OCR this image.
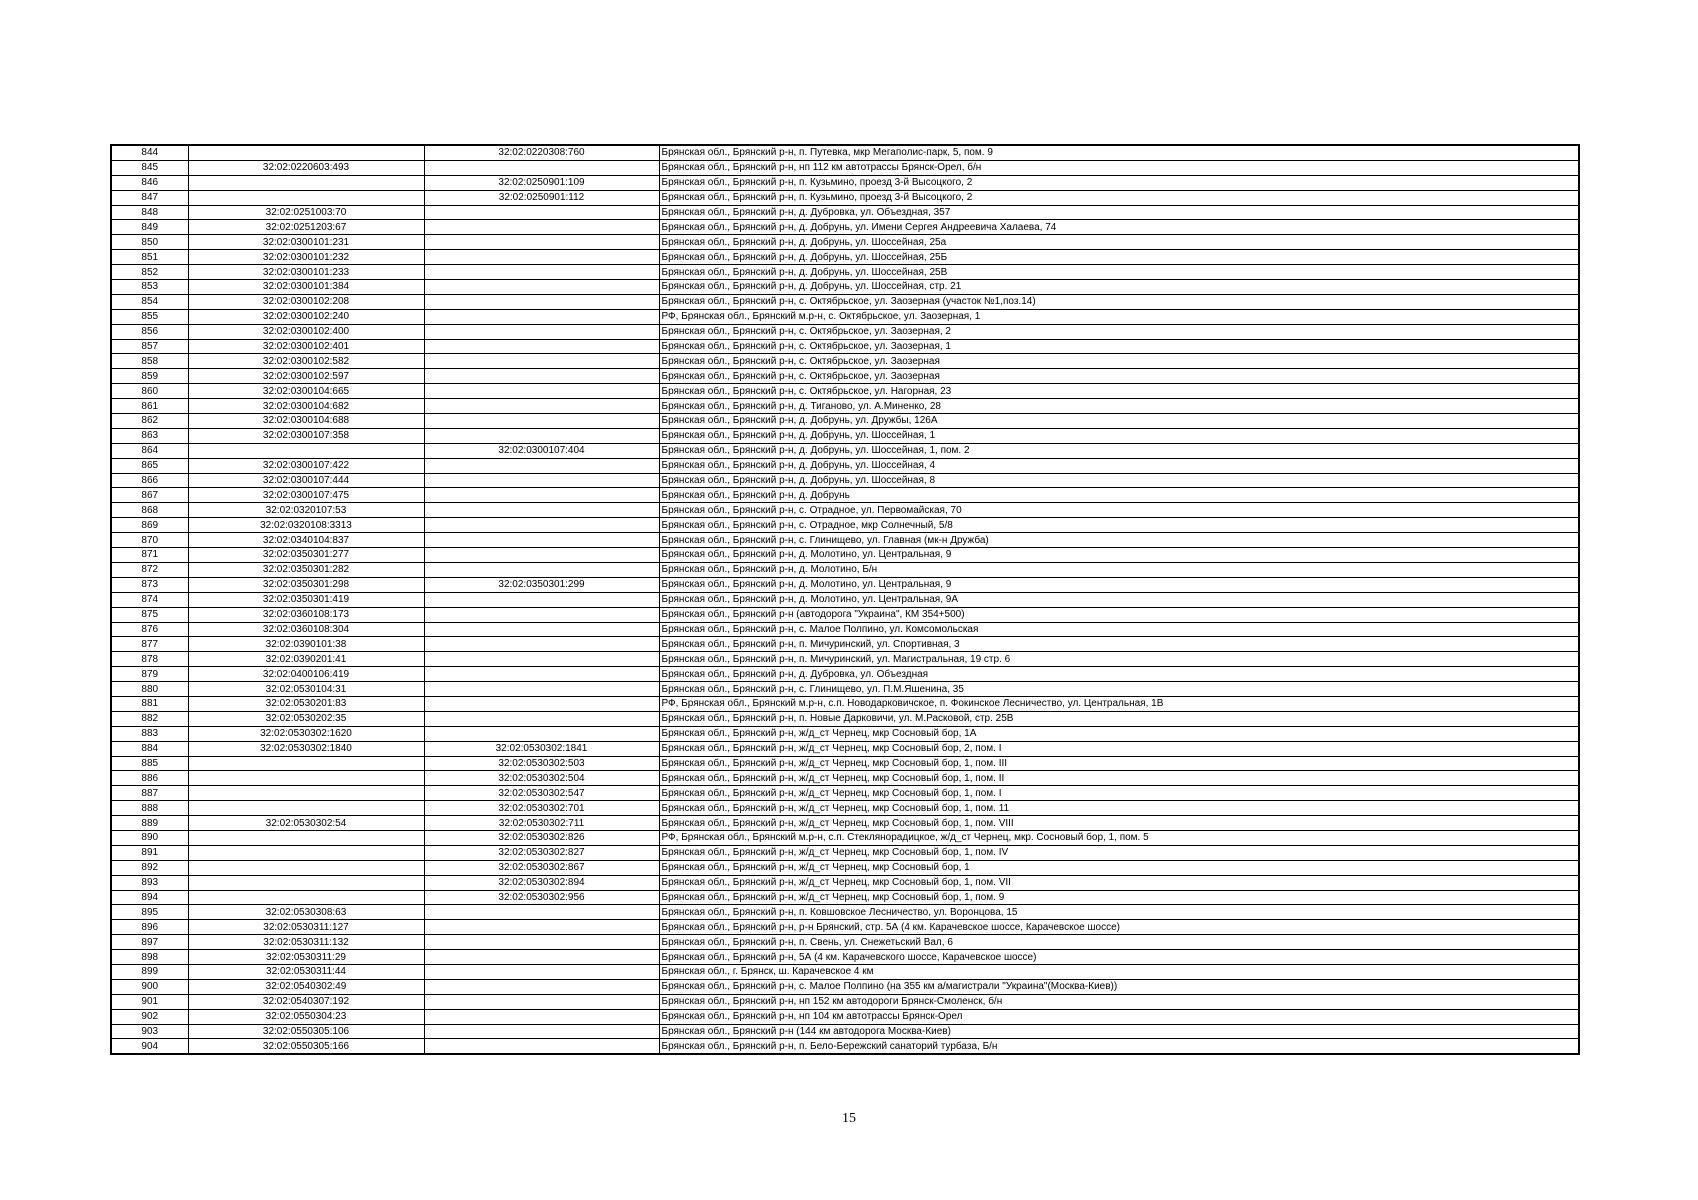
844		32:02:0220308:760	Брянская обл., Брянский р-н, п. Путевка, мкр Мегаполис-парк, 5, пом. 9
845	32:02:0220603:493		Брянская обл., Брянский р-н, нп 112 км автотрассы Брянск-Орел, б/н
846		32:02:0250901:109	Брянская обл., Брянский р-н, п. Кузьмино, проезд 3-й Высоцкого, 2
847		32:02:0250901:112	Брянская обл., Брянский р-н, п. Кузьмино, проезд 3-й Высоцкого, 2
848	32:02:0251003:70		Брянская обл., Брянский р-н, д. Дубровка, ул. Объездная, 357
849	32:02:0251203:67		Брянская обл., Брянский р-н, д. Добрунь, ул. Имени Сергея Андреевича Халаева, 74
850	32:02:0300101:231		Брянская обл., Брянский р-н, д. Добрунь, ул. Шоссейная, 25а
851	32:02:0300101:232		Брянская обл., Брянский р-н, д. Добрунь, ул. Шоссейная, 25Б
852	32:02:0300101:233		Брянская обл., Брянский р-н, д. Добрунь, ул. Шоссейная, 25В
853	32:02:0300101:384		Брянская обл., Брянский р-н, д. Добрунь, ул. Шоссейная, стр. 21
854	32:02:0300102:208		Брянская обл., Брянский р-н, с. Октябрьское, ул. Заозерная (участок №1,поз.14)
855	32:02:0300102:240		РФ, Брянская обл., Брянский м.р-н, с. Октябрьское, ул. Заозерная, 1
856	32:02:0300102:400		Брянская обл., Брянский р-н, с. Октябрьское, ул. Заозерная, 2
857	32:02:0300102:401		Брянская обл., Брянский р-н, с. Октябрьское, ул. Заозерная, 1
858	32:02:0300102:582		Брянская обл., Брянский р-н, с. Октябрьское, ул. Заозерная
859	32:02:0300102:597		Брянская обл., Брянский р-н, с. Октябрьское, ул. Заозерная
860	32:02:0300104:665		Брянская обл., Брянский р-н, с. Октябрьское, ул. Нагорная, 23
861	32:02:0300104:682		Брянская обл., Брянский р-н, д. Тиганово, ул. А.Миненко, 28
862	32:02:0300104:688		Брянская обл., Брянский р-н, д. Добрунь, ул. Дружбы, 126А
863	32:02:0300107:358		Брянская обл., Брянский р-н, д. Добрунь, ул. Шоссейная, 1
864		32:02:0300107:404	Брянская обл., Брянский р-н, д. Добрунь, ул. Шоссейная, 1, пом. 2
865	32:02:0300107:422		Брянская обл., Брянский р-н, д. Добрунь, ул. Шоссейная, 4
866	32:02:0300107:444		Брянская обл., Брянский р-н, д. Добрунь, ул. Шоссейная, 8
867	32:02:0300107:475		Брянская обл., Брянский р-н, д. Добрунь
868	32:02:0320107:53		Брянская обл., Брянский р-н, с. Отрадное, ул. Первомайская, 70
869	32:02:0320108:3313		Брянская обл., Брянский р-н, с. Отрадное, мкр Солнечный, 5/8
870	32:02:0340104:837		Брянская обл., Брянский р-н, с. Глинищево, ул. Главная (мк-н Дружба)
871	32:02:0350301:277		Брянская обл., Брянский р-н, д. Молотино, ул. Центральная, 9
872	32:02:0350301:282		Брянская обл., Брянский р-н, д. Молотино, Б/н
873	32:02:0350301:298	32:02:0350301:299	Брянская обл., Брянский р-н, д. Молотино, ул. Центральная, 9
874	32:02:0350301:419		Брянская обл., Брянский р-н, д. Молотино, ул. Центральная, 9А
875	32:02:0360108:173		Брянская обл., Брянский р-н (автодорога "Украина", КМ 354+500)
876	32:02:0360108:304		Брянская обл., Брянский р-н, с. Малое Полпино, ул. Комсомольская
877	32:02:0390101:38		Брянская обл., Брянский р-н, п. Мичуринский, ул. Спортивная, 3
878	32:02:0390201:41		Брянская обл., Брянский р-н, п. Мичуринский, ул. Магистральная, 19 стр. 6
879	32:02:0400106:419		Брянская обл., Брянский р-н, д. Дубровка, ул. Объездная
880	32:02:0530104:31		Брянская обл., Брянский р-н, с. Глинищево, ул. П.М.Яшенина, 35
881	32:02:0530201:83		РФ, Брянская обл., Брянский м.р-н, с.п. Новодарковичское, п. Фокинское Лесничество, ул. Центральная, 1В
882	32:02:0530202:35		Брянская обл., Брянский р-н, п. Новые Дарковичи, ул. М.Расковой, стр. 25В
883	32:02:0530302:1620		Брянская обл., Брянский р-н, ж/д_ст Чернец, мкр Сосновый бор, 1А
884	32:02:0530302:1840	32:02:0530302:1841	Брянская обл., Брянский р-н, ж/д_ст Чернец, мкр Сосновый бор, 2, пом. I
885		32:02:0530302:503	Брянская обл., Брянский р-н, ж/д_ст Чернец, мкр Сосновый бор, 1, пом. III
886		32:02:0530302:504	Брянская обл., Брянский р-н, ж/д_ст Чернец, мкр Сосновый бор, 1, пом. II
887		32:02:0530302:547	Брянская обл., Брянский р-н, ж/д_ст Чернец, мкр Сосновый бор, 1, пом. I
888		32:02:0530302:701	Брянская обл., Брянский р-н, ж/д_ст Чернец, мкр Сосновый бор, 1, пом. 11
889	32:02:0530302:54	32:02:0530302:711	Брянская обл., Брянский р-н, ж/д_ст Чернец, мкр Сосновый бор, 1, пом. VIII
890		32:02:0530302:826	РФ, Брянская обл., Брянский м.р-н, с.п. Стеклянорадицкое, ж/д_ст Чернец, мкр. Сосновый бор, 1, пом. 5
891		32:02:0530302:827	Брянская обл., Брянский р-н, ж/д_ст Чернец, мкр Сосновый бор, 1, пом. IV
892		32:02:0530302:867	Брянская обл., Брянский р-н, ж/д_ст Чернец, мкр Сосновый бор, 1
893		32:02:0530302:894	Брянская обл., Брянский р-н, ж/д_ст Чернец, мкр Сосновый бор, 1, пом. VII
894		32:02:0530302:956	Брянская обл., Брянский р-н, ж/д_ст Чернец, мкр Сосновый бор, 1, пом. 9
895	32:02:0530308:63		Брянская обл., Брянский р-н, п. Ковшовское Лесничество, ул. Воронцова, 15
896	32:02:0530311:127		Брянская обл., Брянский р-н, р-н Брянский, стр. 5А (4 км. Карачевское шоссе, Карачевское шоссе)
897	32:02:0530311:132		Брянская обл., Брянский р-н, п. Свень, ул. Снежетьский Вал, 6
898	32:02:0530311:29		Брянская обл., Брянский р-н, 5А (4 км. Карачевского шоссе, Карачевское шоссе)
899	32:02:0530311:44		Брянская обл., г. Брянск, ш. Карачевское 4 км
900	32:02:0540302:49		Брянская обл., Брянский р-н, с. Малое Полпино (на 355 км а/магистрали "Украина"(Москва-Киев))
901	32:02:0540307:192		Брянская обл., Брянский р-н, нп 152 км автодороги Брянск-Смоленск, б/н
902	32:02:0550304:23		Брянская обл., Брянский р-н, нп 104 км автотрассы Брянск-Орел
903	32:02:0550305:106		Брянская обл., Брянский р-н (144 км автодорога Москва-Киев)
904	32:02:0550305:166		Брянская обл., Брянский р-н, п. Бело-Бережский санаторий турбаза, Б/н
15
